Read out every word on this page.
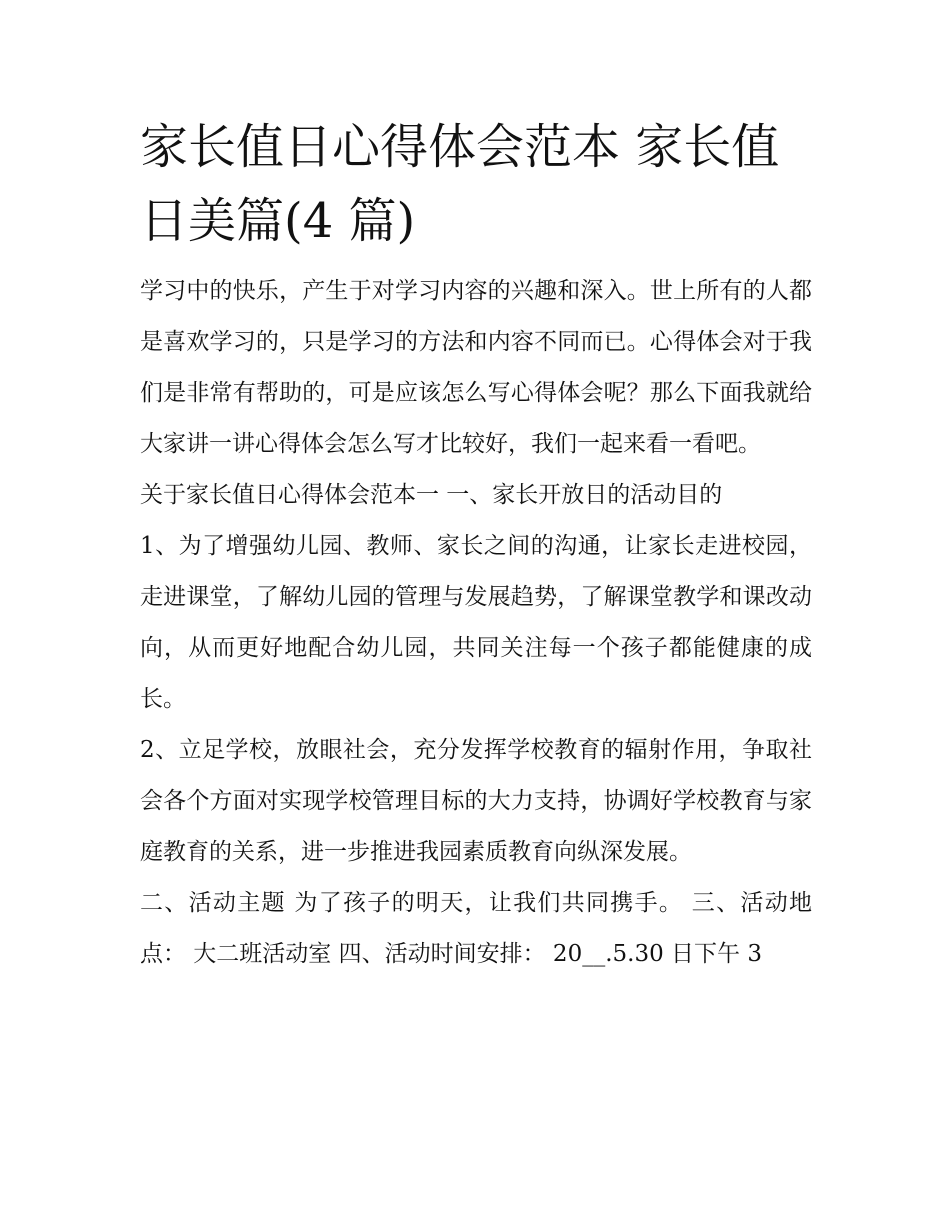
家长值日心得体会范本 家长值日美篇(4 篇)

学习中的快乐，产生于对学习内容的兴趣和深入。世上所有的人都是喜欢学习的，只是学习的方法和内容不同而已。心得体会对于我们是非常有帮助的，可是应该怎么写心得体会呢？那么下面我就给大家讲一讲心得体会怎么写才比较好，我们一起来看一看吧。

关于家长值日心得体会范本一 一、家长开放日的活动目的

1、为了增强幼儿园、教师、家长之间的沟通，让家长走进校园，走进课堂，了解幼儿园的管理与发展趋势，了解课堂教学和课改动向，从而更好地配合幼儿园，共同关注每一个孩子都能健康的成长。

2、立足学校，放眼社会，充分发挥学校教育的辐射作用，争取社会各个方面对实现学校管理目标的大力支持，协调好学校教育与家庭教育的关系，进一步推进我园素质教育向纵深发展。

二、活动主题 为了孩子的明天，让我们共同携手。 三、活动地点： 大二班活动室 四、活动时间安排： 20__.5.30 日下午 3
